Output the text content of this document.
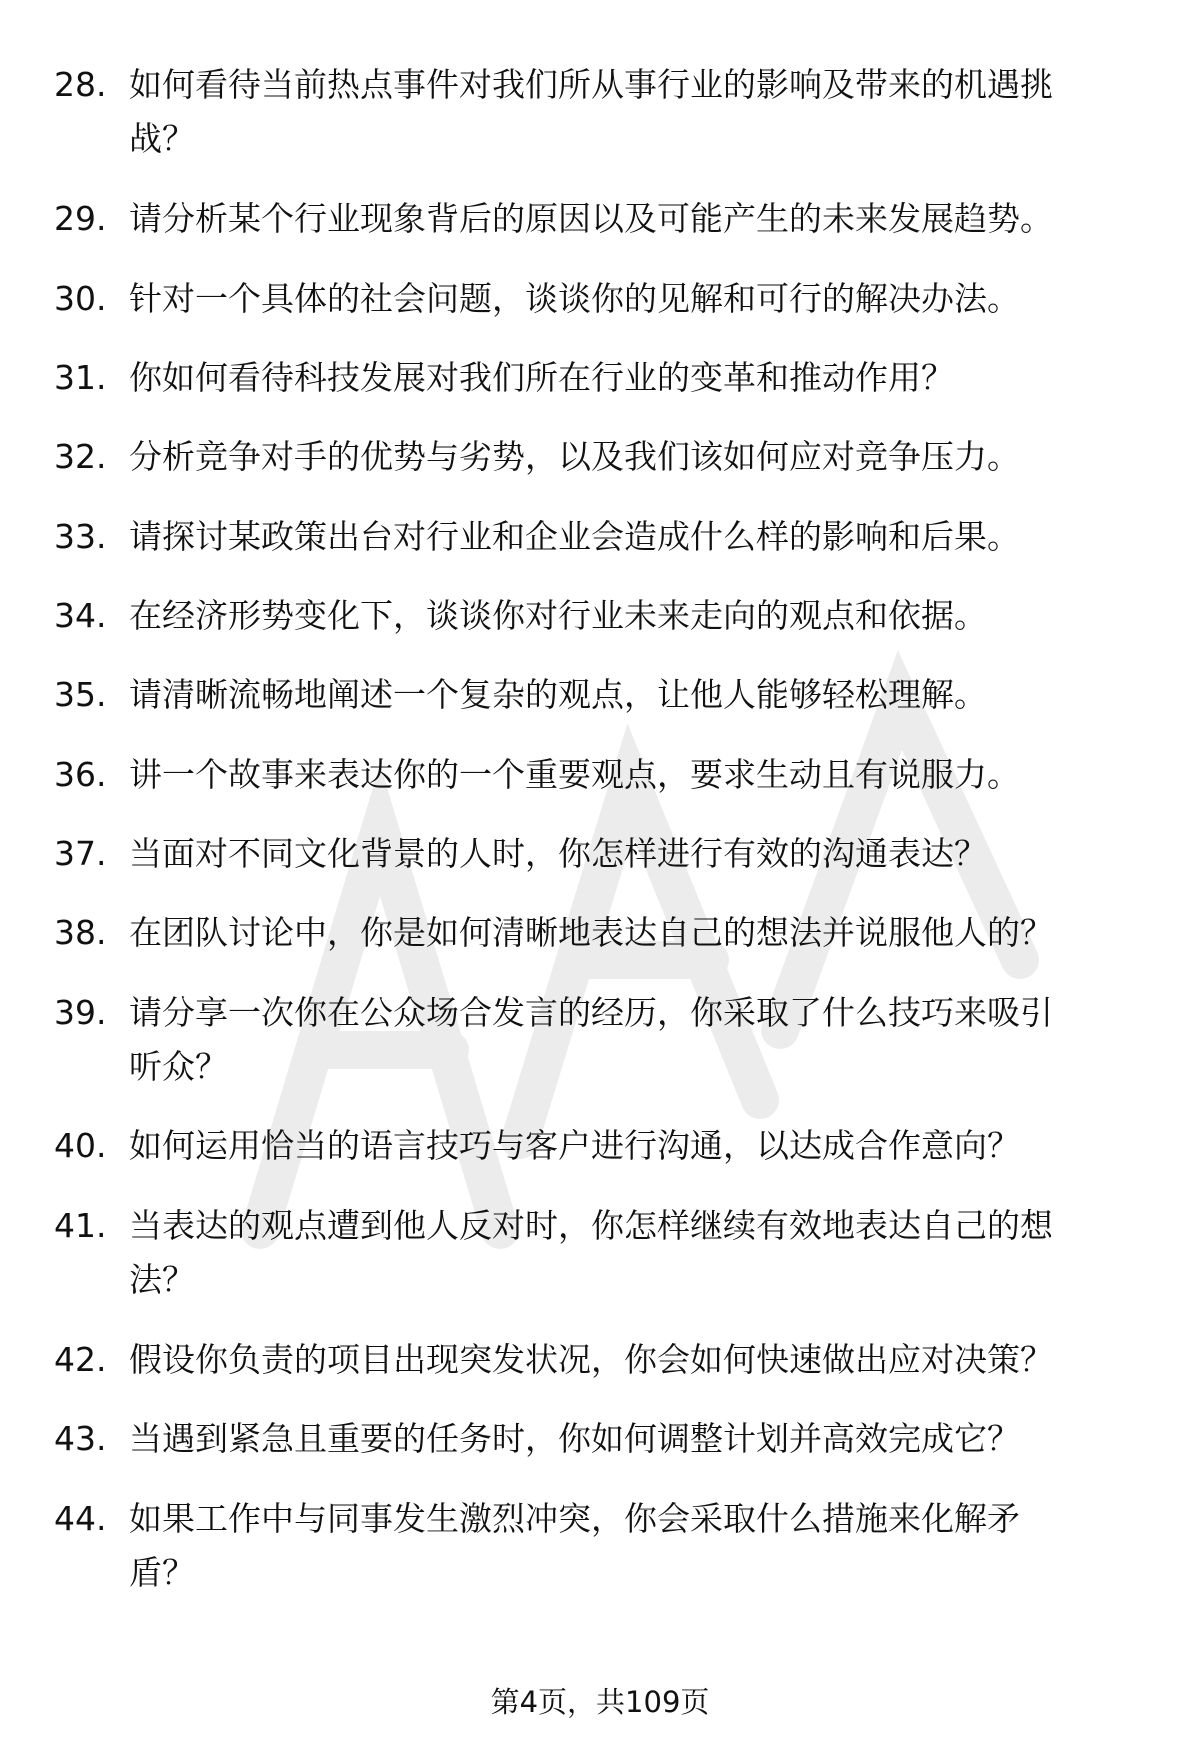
28. 如何看待当前热点事件对我们所从事行业的影响及带来的机遇挑
战？
29. 请分析某个行业现象背后的原因以及可能产生的未来发展趋势。
30. 针对一个具体的社会问题，谈谈你的见解和可行的解决办法。
31. 你如何看待科技发展对我们所在行业的变革和推动作用？
32. 分析竞争对手的优势与劣势，以及我们该如何应对竞争压力。
33. 请探讨某政策出台对行业和企业会造成什么样的影响和后果。
34. 在经济形势变化下，谈谈你对行业未来走向的观点和依据。
35. 请清晰流畅地阐述一个复杂的观点，让他人能够轻松理解。
36. 讲一个故事来表达你的一个重要观点，要求生动且有说服力。
37. 当面对不同文化背景的人时，你怎样进行有效的沟通表达？
38. 在团队讨论中，你是如何清晰地表达自己的想法并说服他人的？
39. 请分享一次你在公众场合发言的经历，你采取了什么技巧来吸引
听众？
40. 如何运用恰当的语言技巧与客户进行沟通，以达成合作意向？
41. 当表达的观点遭到他人反对时，你怎样继续有效地表达自己的想
法？
42. 假设你负责的项目出现突发状况，你会如何快速做出应对决策？
43. 当遇到紧急且重要的任务时，你如何调整计划并高效完成它？
44. 如果工作中与同事发生激烈冲突，你会采取什么措施来化解矛
盾？
第4页，共109页
